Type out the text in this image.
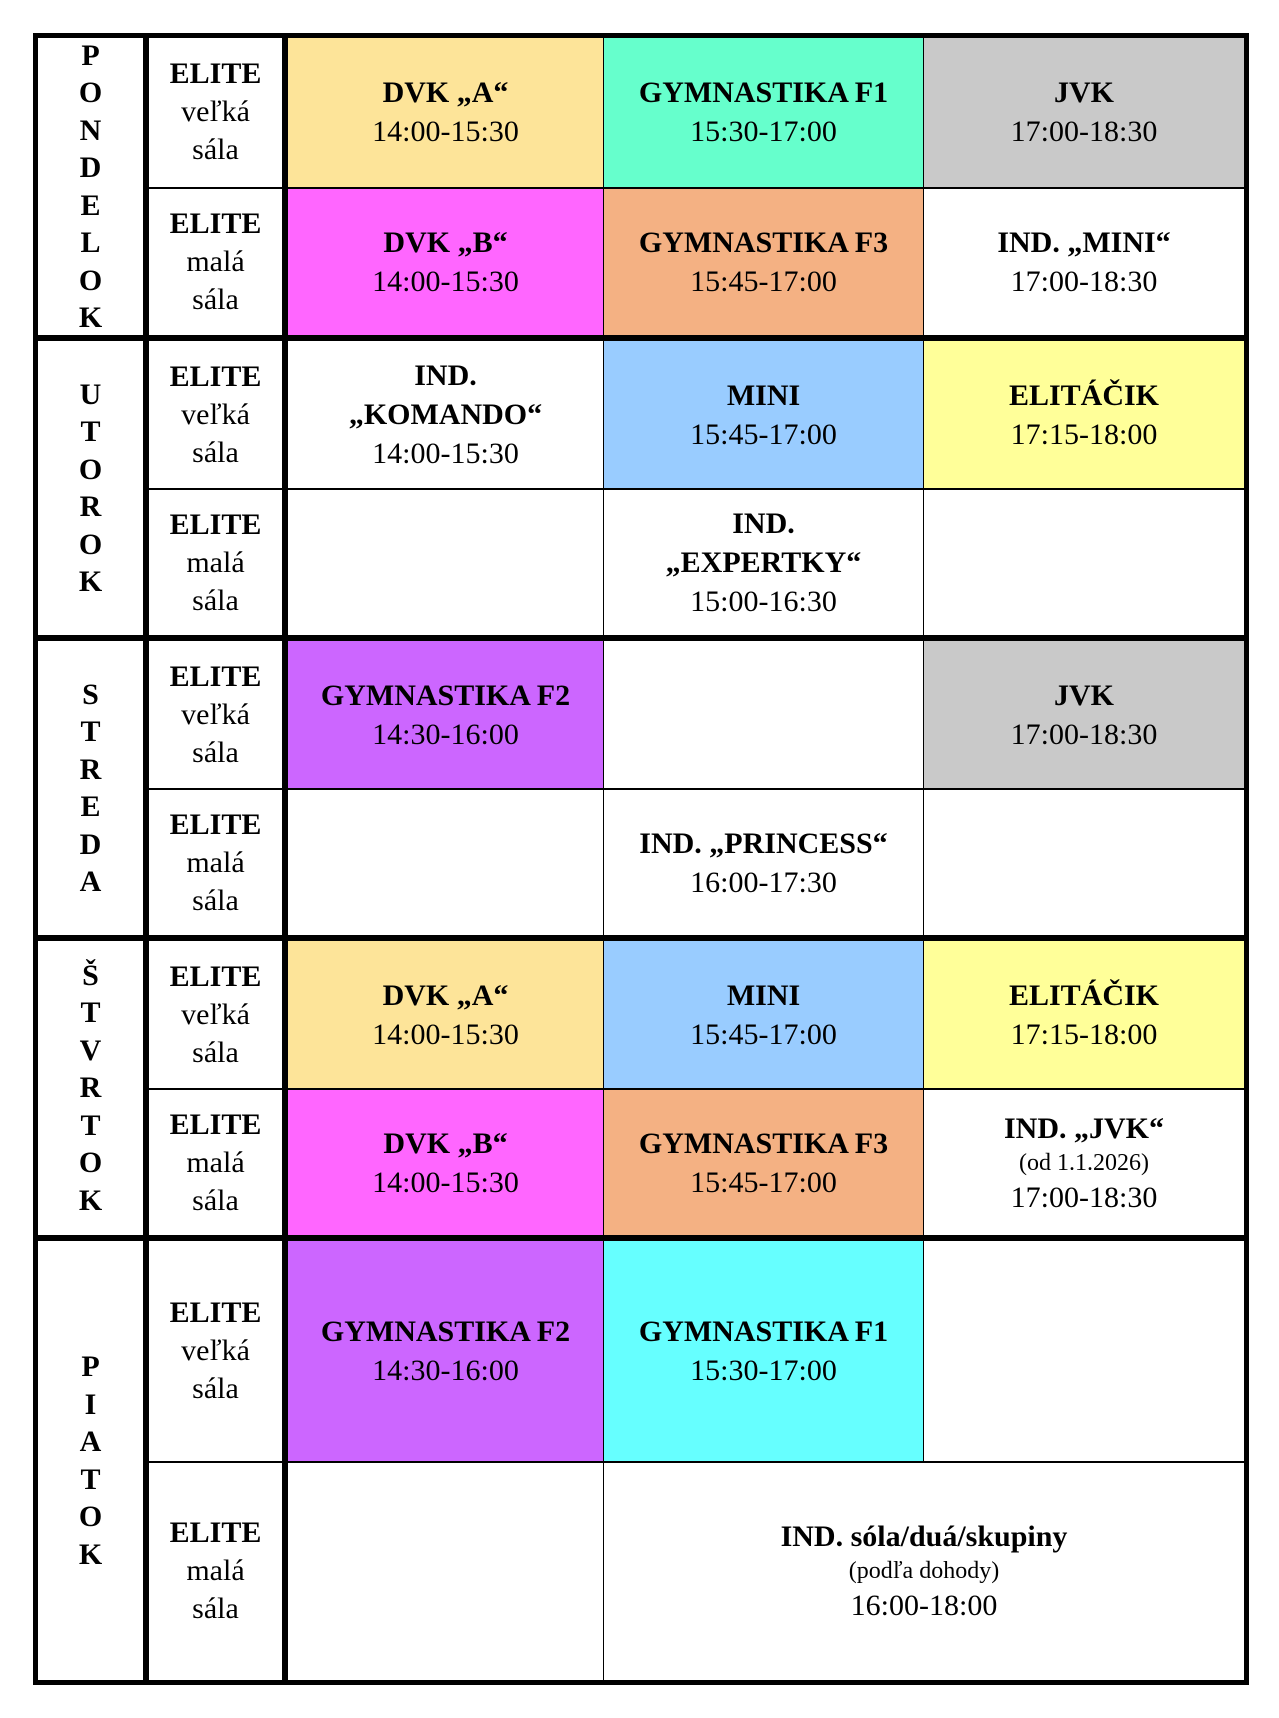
P
O
N
D
E
L
O
K
ELITE
veľká
sála
DVK „A“
14:00-15:30
GYMNASTIKA F1
15:30-17:00
JVK
17:00-18:30
ELITE
malá
sála
DVK „B“
14:00-15:30
GYMNASTIKA F3
15:45-17:00
IND. „MINI“
17:00-18:30
U
T
O
R
O
K
ELITE
veľká
sála
IND.
„KOMANDO“
14:00-15:30
MINI
15:45-17:00
ELITÁČIK
17:15-18:00
ELITE
malá
sála
IND.
„EXPERTKY“
15:00-16:30
S
T
R
E
D
A
ELITE
veľká
sála
GYMNASTIKA F2
14:30-16:00
JVK
17:00-18:30
ELITE
malá
sála
IND. „PRINCESS“
16:00-17:30
Š
T
V
R
T
O
K
ELITE
veľká
sála
DVK „A“
14:00-15:30
MINI
15:45-17:00
ELITÁČIK
17:15-18:00
ELITE
malá
sála
DVK „B“
14:00-15:30
GYMNASTIKA F3
15:45-17:00
IND. „JVK“
(od 1.1.2026)
17:00-18:30
P
I
A
T
O
K
ELITE
veľká
sála
GYMNASTIKA F2
14:30-16:00
GYMNASTIKA F1
15:30-17:00
ELITE
malá
sála
IND. sóla/duá/skupiny
(podľa dohody)
16:00-18:00
